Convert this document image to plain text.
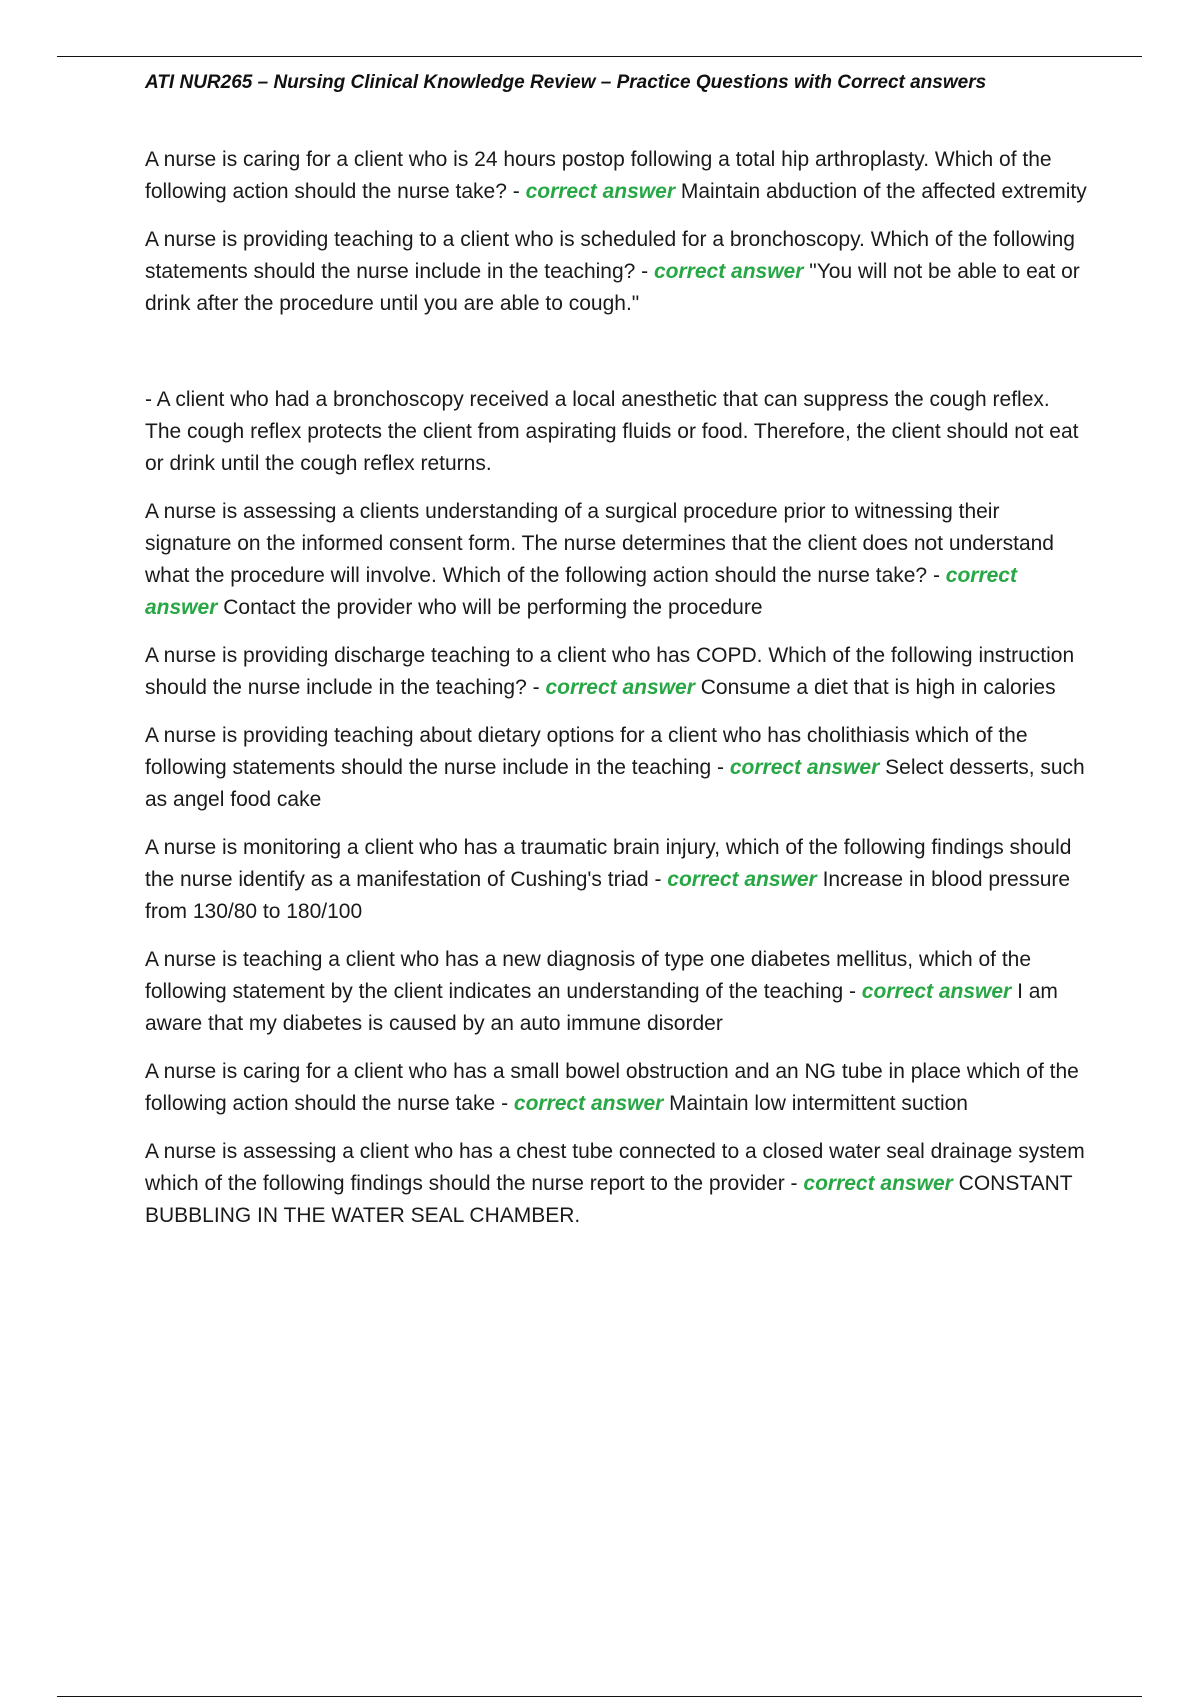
ATI NUR265 – Nursing Clinical Knowledge Review – Practice Questions with Correct answers

A nurse is caring for a client who is 24 hours postop following a total hip arthroplasty. Which of the following action should the nurse take? - correct answer Maintain abduction of the affected extremity

A nurse is providing teaching to a client who is scheduled for a bronchoscopy. Which of the following statements should the nurse include in the teaching? - correct answer "You will not be able to eat or drink after the procedure until you are able to cough."

- A client who had a bronchoscopy received a local anesthetic that can suppress the cough reflex. The cough reflex protects the client from aspirating fluids or food. Therefore, the client should not eat or drink until the cough reflex returns.

A nurse is assessing a clients understanding of a surgical procedure prior to witnessing their signature on the informed consent form. The nurse determines that the client does not understand what the procedure will involve. Which of the following action should the nurse take? - correct answer Contact the provider who will be performing the procedure

A nurse is providing discharge teaching to a client who has COPD. Which of the following instruction should the nurse include in the teaching? - correct answer Consume a diet that is high in calories

A nurse is providing teaching about dietary options for a client who has cholithiasis which of the following statements should the nurse include in the teaching - correct answer Select desserts, such as angel food cake

A nurse is monitoring a client who has a traumatic brain injury, which of the following findings should the nurse identify as a manifestation of Cushing's triad - correct answer Increase in blood pressure from 130/80 to 180/100

A nurse is teaching a client who has a new diagnosis of type one diabetes mellitus, which of the following statement by the client indicates an understanding of the teaching - correct answer I am aware that my diabetes is caused by an auto immune disorder

A nurse is caring for a client who has a small bowel obstruction and an NG tube in place which of the following action should the nurse take - correct answer Maintain low intermittent suction

A nurse is assessing a client who has a chest tube connected to a closed water seal drainage system which of the following findings should the nurse report to the provider - correct answer CONSTANT BUBBLING IN THE WATER SEAL CHAMBER.
